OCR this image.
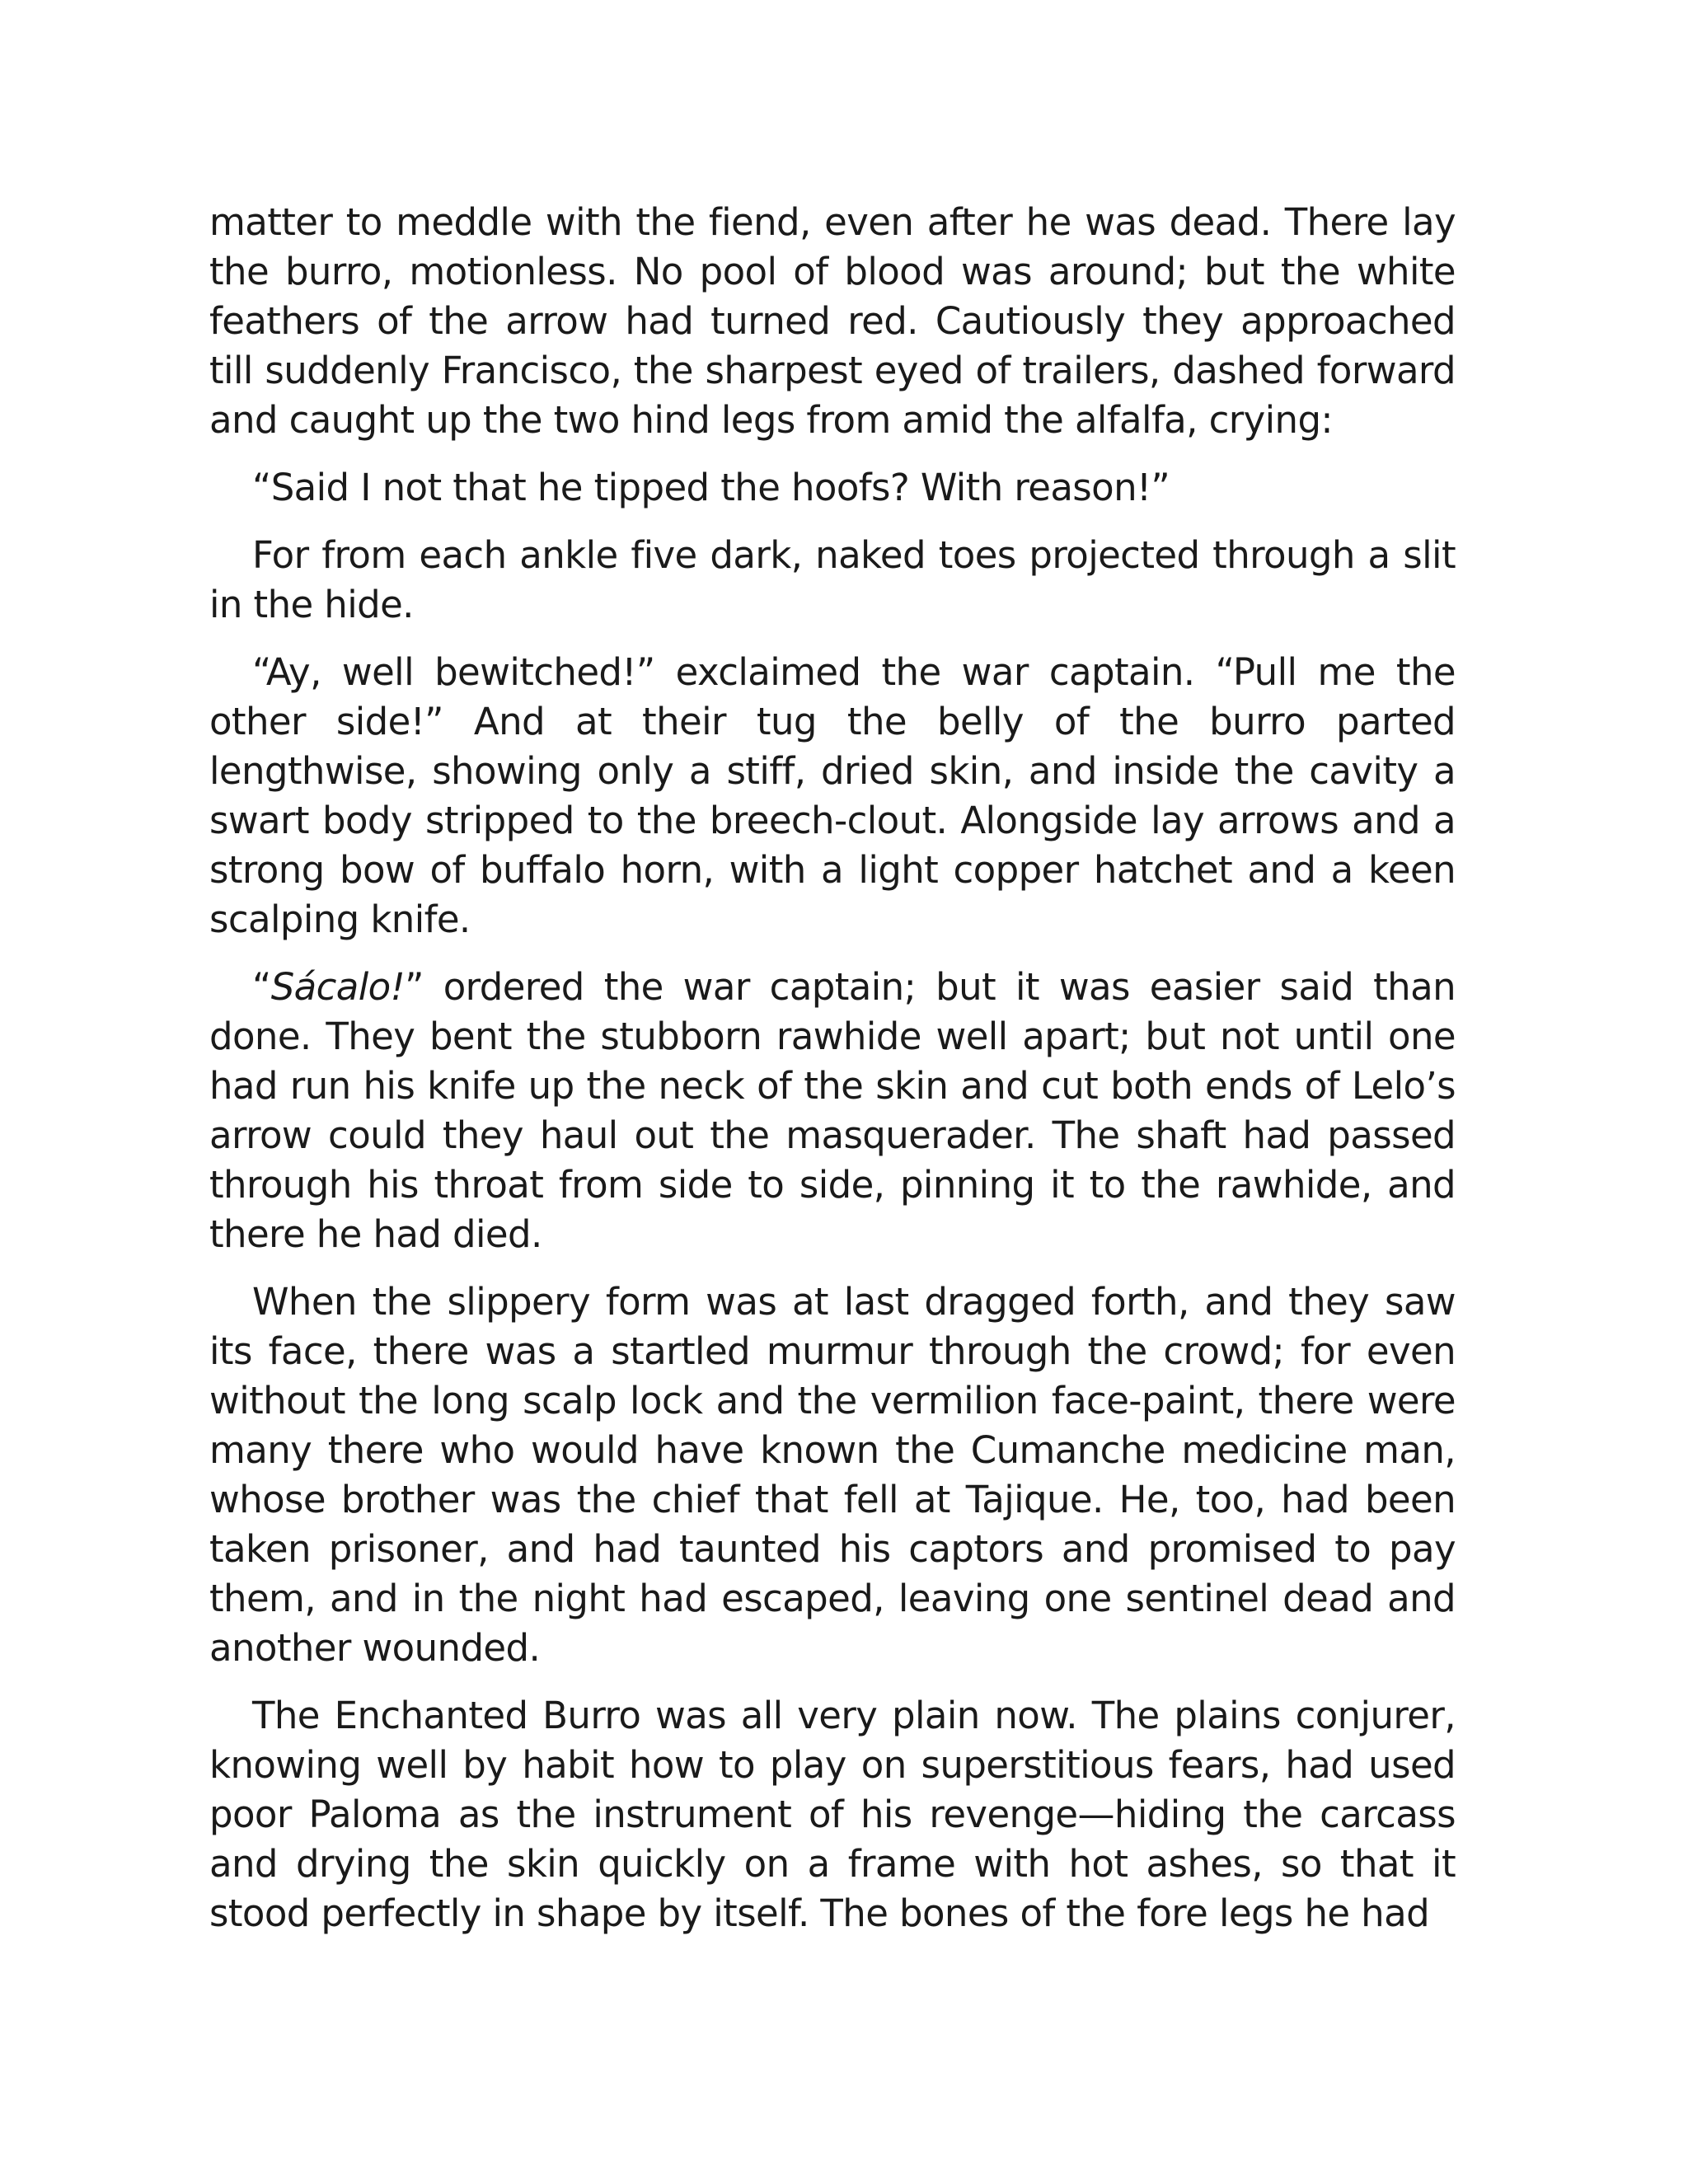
matter to meddle with the fiend, even after he was dead. There lay the burro, motionless. No pool of blood was around; but the white feathers of the arrow had turned red. Cautiously they approached till suddenly Francisco, the sharpest eyed of trailers, dashed forward and caught up the two hind legs from amid the alfalfa, crying:

“Said I not that he tipped the hoofs? With reason!”

For from each ankle five dark, naked toes projected through a slit in the hide.

“Ay, well bewitched!” exclaimed the war captain. “Pull me the other side!” And at their tug the belly of the burro parted lengthwise, showing only a stiff, dried skin, and inside the cavity a swart body stripped to the breech-clout. Alongside lay arrows and a strong bow of buffalo horn, with a light copper hatchet and a keen scalping knife.

“Sácalo!” ordered the war captain; but it was easier said than done. They bent the stubborn rawhide well apart; but not until one had run his knife up the neck of the skin and cut both ends of Lelo’s arrow could they haul out the masquerader. The shaft had passed through his throat from side to side, pinning it to the rawhide, and there he had died.

When the slippery form was at last dragged forth, and they saw its face, there was a startled murmur through the crowd; for even without the long scalp lock and the vermilion face-paint, there were many there who would have known the Cumanche medicine man, whose brother was the chief that fell at Tajique. He, too, had been taken prisoner, and had taunted his captors and promised to pay them, and in the night had escaped, leaving one sentinel dead and another wounded.

The Enchanted Burro was all very plain now. The plains conjurer, knowing well by habit how to play on superstitious fears, had used poor Paloma as the instrument of his revenge—hiding the carcass and drying the skin quickly on a frame with hot ashes, so that it stood perfectly in shape by itself. The bones of the fore legs he had
